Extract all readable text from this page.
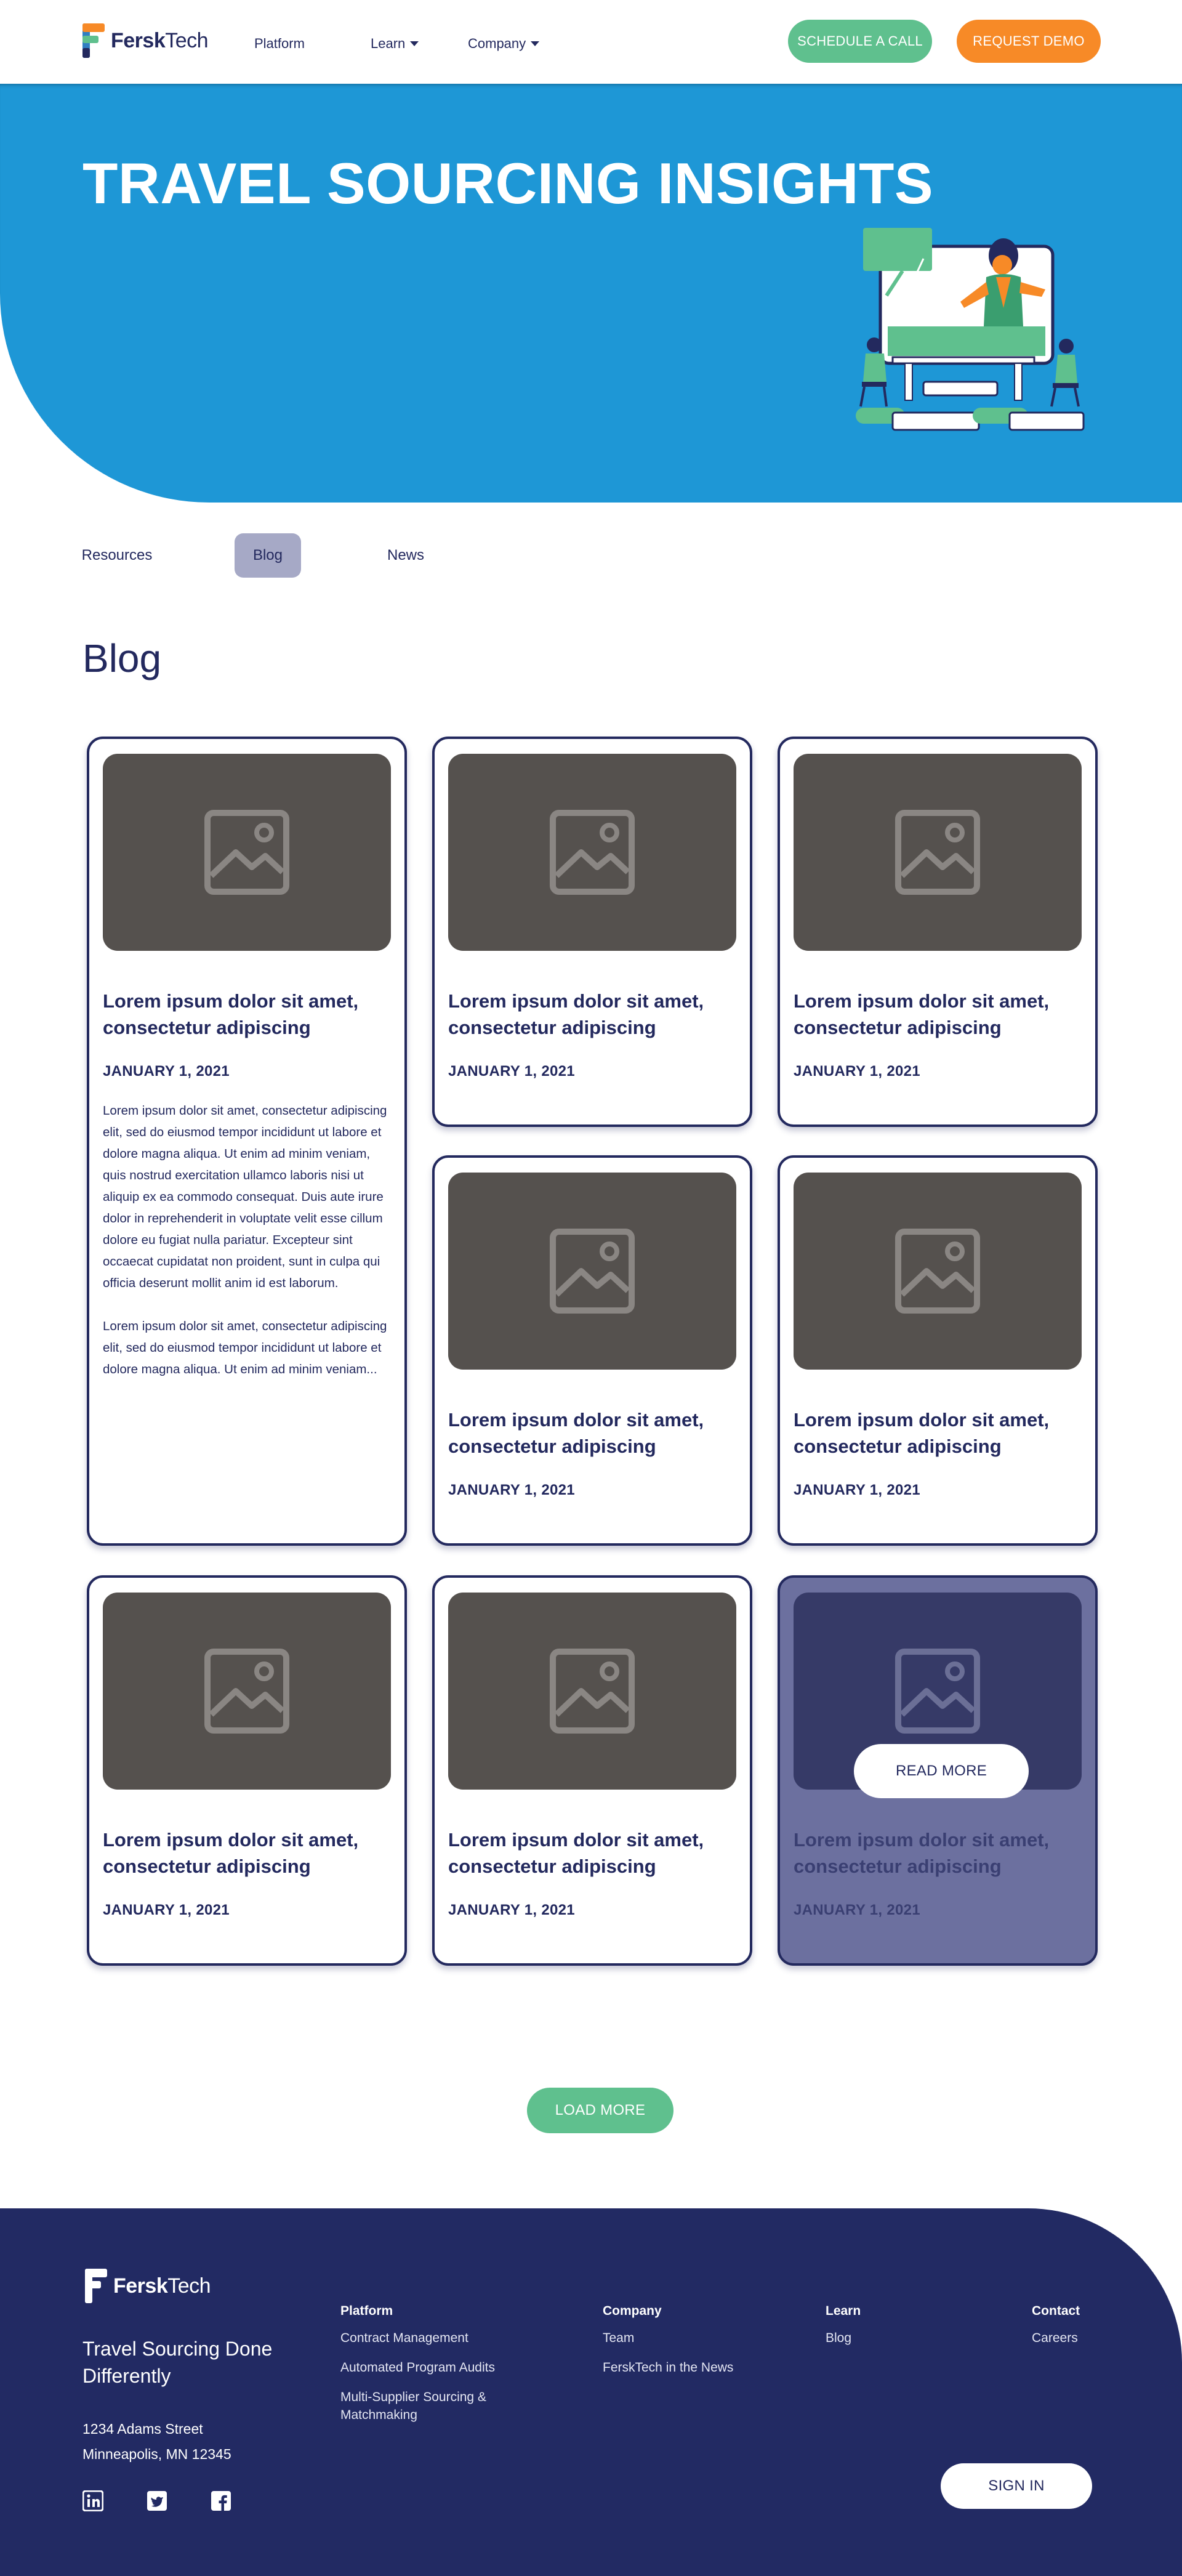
FerskTech	Platform	Learn	Company	SCHEDULE A CALL	REQUEST DEMO
TRAVEL SOURCING INSIGHTS
Resources	Blog	News
Blog
Lorem ipsum dolor sit amet, consectetur adipiscing
JANUARY 1, 2021

Lorem ipsum dolor sit amet, consectetur adipiscing elit, sed do eiusmod tempor incididunt ut labore et dolore magna aliqua. Ut enim ad minim veniam, quis nostrud exercitation ullamco laboris nisi ut aliquip ex ea commodo consequat. Duis aute irure dolor in reprehenderit in voluptate velit esse cillum dolore eu fugiat nulla pariatur. Excepteur sint occaecat cupidatat non proident, sunt in culpa qui officia deserunt mollit anim id est laborum.

Lorem ipsum dolor sit amet, consectetur adipiscing elit, sed do eiusmod tempor incididunt ut labore et dolore magna aliqua. Ut enim ad minim veniam...

Lorem ipsum dolor sit amet, consectetur adipiscing
JANUARY 1, 2021
Lorem ipsum dolor sit amet, consectetur adipiscing
JANUARY 1, 2021
Lorem ipsum dolor sit amet, consectetur adipiscing
JANUARY 1, 2021
Lorem ipsum dolor sit amet, consectetur adipiscing
JANUARY 1, 2021
Lorem ipsum dolor sit amet, consectetur adipiscing
JANUARY 1, 2021
Lorem ipsum dolor sit amet, consectetur adipiscing
JANUARY 1, 2021
READ MORE
Lorem ipsum dolor sit amet, consectetur adipiscing
JANUARY 1, 2021
LOAD MORE
FerskTech
Travel Sourcing Done Differently
1234 Adams Street
Minneapolis, MN 12345
Platform
Contract Management
Automated Program Audits
Multi-Supplier Sourcing & Matchmaking
Company
Team
FerskTech in the News
Learn
Blog
Contact
Careers
SIGN IN
